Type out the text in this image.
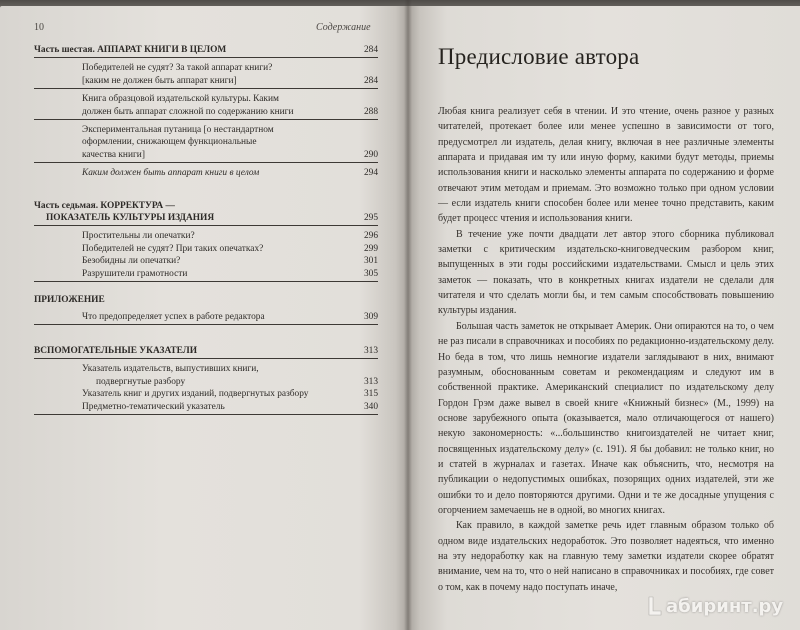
10	Содержание
Часть шестая. АППАРАТ КНИГИ В ЦЕЛОМ	284
Победителей не судят? За такой аппарат книги?
[каким не должен быть аппарат книги]	284
Книга образцовой издательской культуры. Каким
должен быть аппарат сложной по содержанию книги	288
Экспериментальная путаница [о нестандартном
оформлении, снижающем функциональные
качества книги]	290
Каким должен быть аппарат книги в целом	294
Часть седьмая. КОРРЕКТУРА —
ПОКАЗАТЕЛЬ КУЛЬТУРЫ ИЗДАНИЯ	295
Простительны ли опечатки?	296
Победителей не судят? При таких опечатках?	299
Безобидны ли опечатки?	301
Разрушители грамотности	305
ПРИЛОЖЕНИЕ
Что предопределяет успех в работе редактора	309
ВСПОМОГАТЕЛЬНЫЕ УКАЗАТЕЛИ	313
Указатель издательств, выпустивших книги,
подвергнутые разбору	313
Указатель книг и других изданий, подвергнутых разбору	315
Предметно-тематический указатель	340
Предисловие автора

Любая книга реализует себя в чтении. И это чтение, очень разное у разных читателей, протекает более или менее успешно в зависимости от того, предусмотрел ли издатель, делая книгу, включая в нее различные элементы аппарата и придавая им ту или иную форму, какими будут методы, приемы использования книги и насколько элементы аппарата по содержанию и форме отвечают этим методам и приемам. Это возможно только при одном условии — если издатель книги способен более или менее точно представить, каким будет процесс чтения и использования книги.

В течение уже почти двадцати лет автор этого сборника публиковал заметки с критическим издательско-книговедческим разбором книг, выпущенных в эти годы российскими издательствами. Смысл и цель этих заметок — показать, что в конкретных книгах издатели не сделали для читателя и что сделать могли бы, и тем самым способствовать повышению культуры издания.

Большая часть заметок не открывает Америк. Они опираются на то, о чем не раз писали в справочниках и пособиях по редакционно-издательскому делу. Но беда в том, что лишь немногие издатели заглядывают в них, внимают разумным, обоснованным советам и рекомендациям и следуют им в собственной практике. Американский специалист по издательскому делу Гордон Грэм даже вывел в своей книге «Книжный бизнес» (М., 1999) на основе зарубежного опыта (оказывается, мало отличающегося от нашего) некую закономерность: «...большинство книгоиздателей не читает книг, посвященных издательскому делу» (с. 191). Я бы добавил: не только книг, но и статей в журналах и газетах. Иначе как объяснить, что, несмотря на публикации о недопустимых ошибках, позорящих одних издателей, эти же ошибки то и дело повторяются другими. Одни и те же досадные упущения с огорчением замечаешь не в одной, во многих книгах.

Как правило, в каждой заметке речь идет главным образом только об одном виде издательских недоработок. Это позволяет надеяться, что именно на эту недоработку как на главную тему заметки издатели скорее обратят внимание, чем на то, что о ней написано в справочниках и пособиях, где совет о том, как в почему надо поступать иначе,

абиринт.ру
